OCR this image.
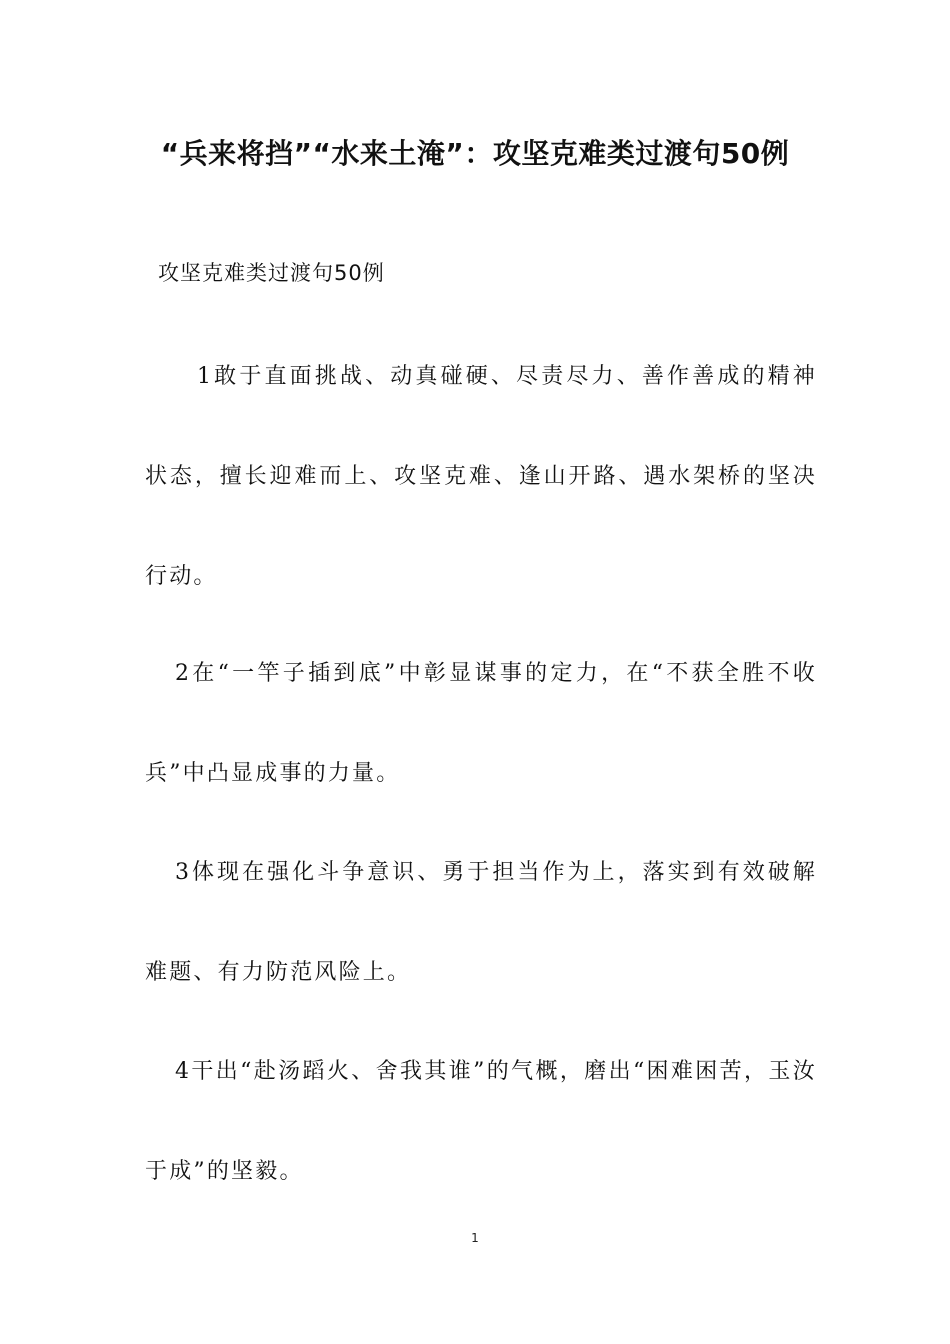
“兵来将挡”“水来土淹”：攻坚克难类过渡句50例
攻坚克难类过渡句50例

1敢于直面挑战、动真碰硬、尽责尽力、善作善成的精神状态，擅长迎难而上、攻坚克难、逢山开路、遇水架桥的坚决行动。

2在“一竿子插到底”中彰显谋事的定力，在“不获全胜不收兵”中凸显成事的力量。

3体现在强化斗争意识、勇于担当作为上，落实到有效破解难题、有力防范风险上。

4干出“赴汤蹈火、舍我其谁”的气概，磨出“困难困苦，玉汝于成”的坚毅。

1
